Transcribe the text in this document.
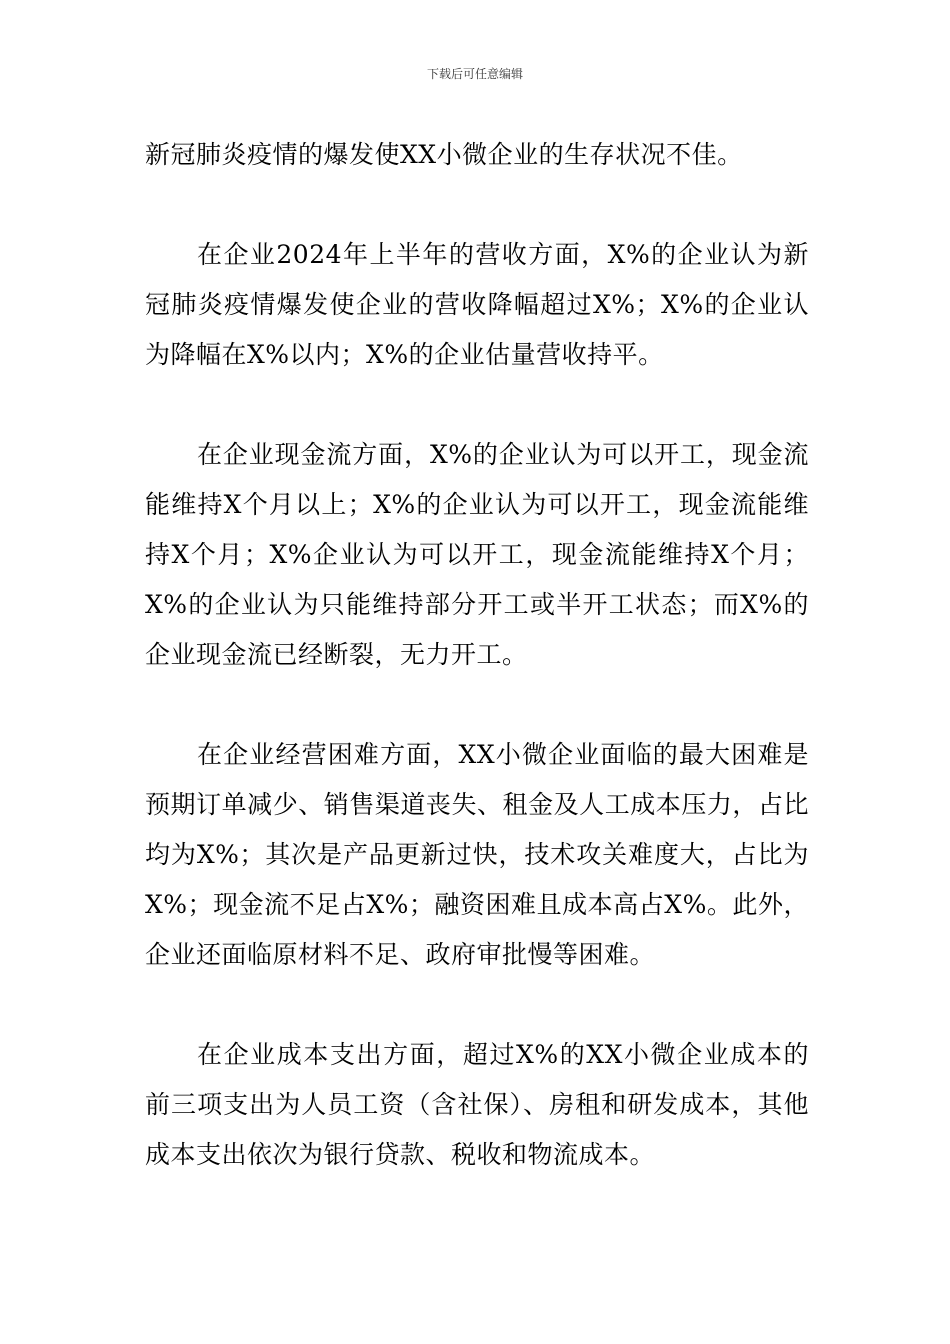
下载后可任意编辑

新冠肺炎疫情的爆发使XX小微企业的生存状况不佳。

在企业2024年上半年的营收方面，X%的企业认为新冠肺炎疫情爆发使企业的营收降幅超过X%；X%的企业认为降幅在X%以内；X%的企业估量营收持平。

在企业现金流方面，X%的企业认为可以开工，现金流能维持X个月以上；X%的企业认为可以开工，现金流能维持X个月；X%企业认为可以开工，现金流能维持X个月；X%的企业认为只能维持部分开工或半开工状态；而X%的企业现金流已经断裂，无力开工。

在企业经营困难方面，XX小微企业面临的最大困难是预期订单减少、销售渠道丧失、租金及人工成本压力，占比均为X%；其次是产品更新过快，技术攻关难度大，占比为X%；现金流不足占X%；融资困难且成本高占X%。此外，企业还面临原材料不足、政府审批慢等困难。

在企业成本支出方面，超过X%的XX小微企业成本的前三项支出为人员工资（含社保）、房租和研发成本，其他成本支出依次为银行贷款、税收和物流成本。
